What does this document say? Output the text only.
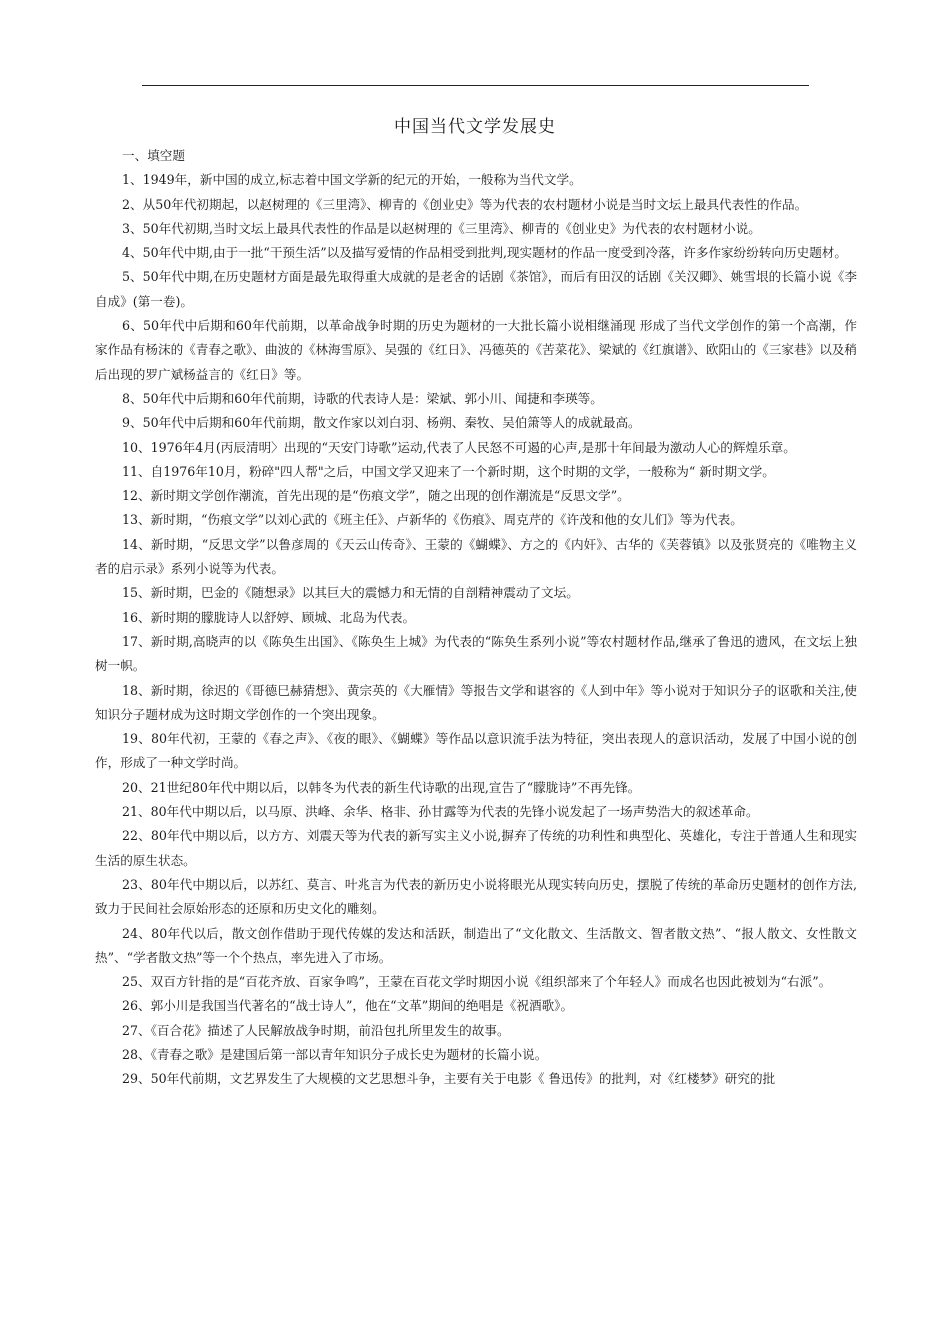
中国当代文学发展史

一、填空题

1、1949年，新中国的成立,标志着中国文学新的纪元的开始，一般称为当代文学。

2、从50年代初期起，以赵树理的《三里湾》、柳青的《创业史》等为代表的农村题材小说是当时文坛上最具代表性的作品。

3、50年代初期,当时文坛上最具代表性的作品是以赵树理的《三里湾》、柳青的《创业史》为代表的农村题材小说。

4、50年代中期,由于一批“干预生活”以及描写爱情的作品相受到批判,现实题材的作品一度受到冷落，许多作家纷纷转向历史题材。

5、50年代中期,在历史题材方面是最先取得重大成就的是老舍的话剧《茶馆》，而后有田汉的话剧《关汉卿》、姚雪垠的长篇小说《李自成》(第一卷)。

6、50年代中后期和60年代前期，以革命战争时期的历史为题材的一大批长篇小说相继涌现 形成了当代文学创作的第一个高潮，作家作品有杨沫的《青春之歌》、曲波的《林海雪原》、吴强的《红日》、冯德英的《苦菜花》、梁斌的《红旗谱》、欧阳山的《三家巷》以及稍后出现的罗广斌杨益言的《红日》等。

8、50年代中后期和60年代前期，诗歌的代表诗人是：梁斌、郭小川、闻捷和李瑛等。

9、50年代中后期和60年代前期，散文作家以刘白羽、杨朔、秦牧、吴伯箫等人的成就最高。

10、1976年4月(丙辰清明〉出现的“天安门诗歌”运动,代表了人民怒不可遏的心声,是那十年间最为激动人心的辉煌乐章。

11、自1976年10月，粉碎"四人帮"之后，中国文学又迎来了一个新时期，这个时期的文学，一般称为“ 新时期文学。

12、新时期文学创作潮流，首先出现的是“伤痕文学”，随之出现的创作潮流是“反思文学”。

13、新时期，“伤痕文学”以刘心武的《班主任》、卢新华的《伤痕》、周克芹的《许茂和他的女儿们》等为代表。

14、新时期，“反思文学”以鲁彦周的《天云山传奇》、王蒙的《蝴蝶》、方之的《内奸》、古华的《芙蓉镇》以及张贤亮的《唯物主义者的启示录》系列小说等为代表。

15、新时期，巴金的《随想录》以其巨大的震憾力和无情的自剖精神震动了文坛。

16、新时期的朦胧诗人以舒婷、顾城、北岛为代表。

17、新时期,高晓声的以《陈奂生出国》、《陈奂生上城》为代表的“陈奂生系列小说”等农村题材作品,继承了鲁迅的遗风，在文坛上独树一帜。

18、新时期，徐迟的《哥德巳赫猜想》、黄宗英的《大雁情》等报告文学和谌容的《人到中年》等小说对于知识分子的讴歌和关注,使知识分子题材成为这时期文学创作的一个突出现象。

19、80年代初，王蒙的《春之声》、《夜的眼》、《蝴蝶》等作品以意识流手法为特征，突出表现人的意识活动，发展了中国小说的创作，形成了一种文学时尚。

20、21世纪80年代中期以后，以韩冬为代表的新生代诗歌的出现,宣告了“朦胧诗”不再先锋。

21、80年代中期以后，以马原、洪峰、余华、格非、孙甘露等为代表的先锋小说发起了一场声势浩大的叙述革命。

22、80年代中期以后，以方方、刘震天等为代表的新写实主义小说,摒弃了传统的功利性和典型化、英雄化，专注于普通人生和现实生活的原生状态。

23、80年代中期以后，以苏红、莫言、叶兆言为代表的新历史小说将眼光从现实转向历史，摆脱了传统的革命历史题材的创作方法,致力于民间社会原始形态的还原和历史文化的雕刻。

24、80年代以后，散文创作借助于现代传媒的发达和活跃，制造出了“文化散文、生活散文、智者散文热”、“报人散文、女性散文热”、“学者散文热”等一个个热点，率先进入了市场。

25、双百方针指的是“百花齐放、百家争鸣”，王蒙在百花文学时期因小说《组织部来了个年轻人》而成名也因此被划为“右派”。

26、郭小川是我国当代著名的“战士诗人”，他在“文革”期间的绝唱是《祝酒歌》。

27、《百合花》描述了人民解放战争时期，前沿包扎所里发生的故事。

28、《青春之歌》是建国后第一部以青年知识分子成长史为题材的长篇小说。

29、50年代前期，文艺界发生了大规模的文艺思想斗争，主要有关于电影《 鲁迅传》的批判，对《红楼梦》研究的批
